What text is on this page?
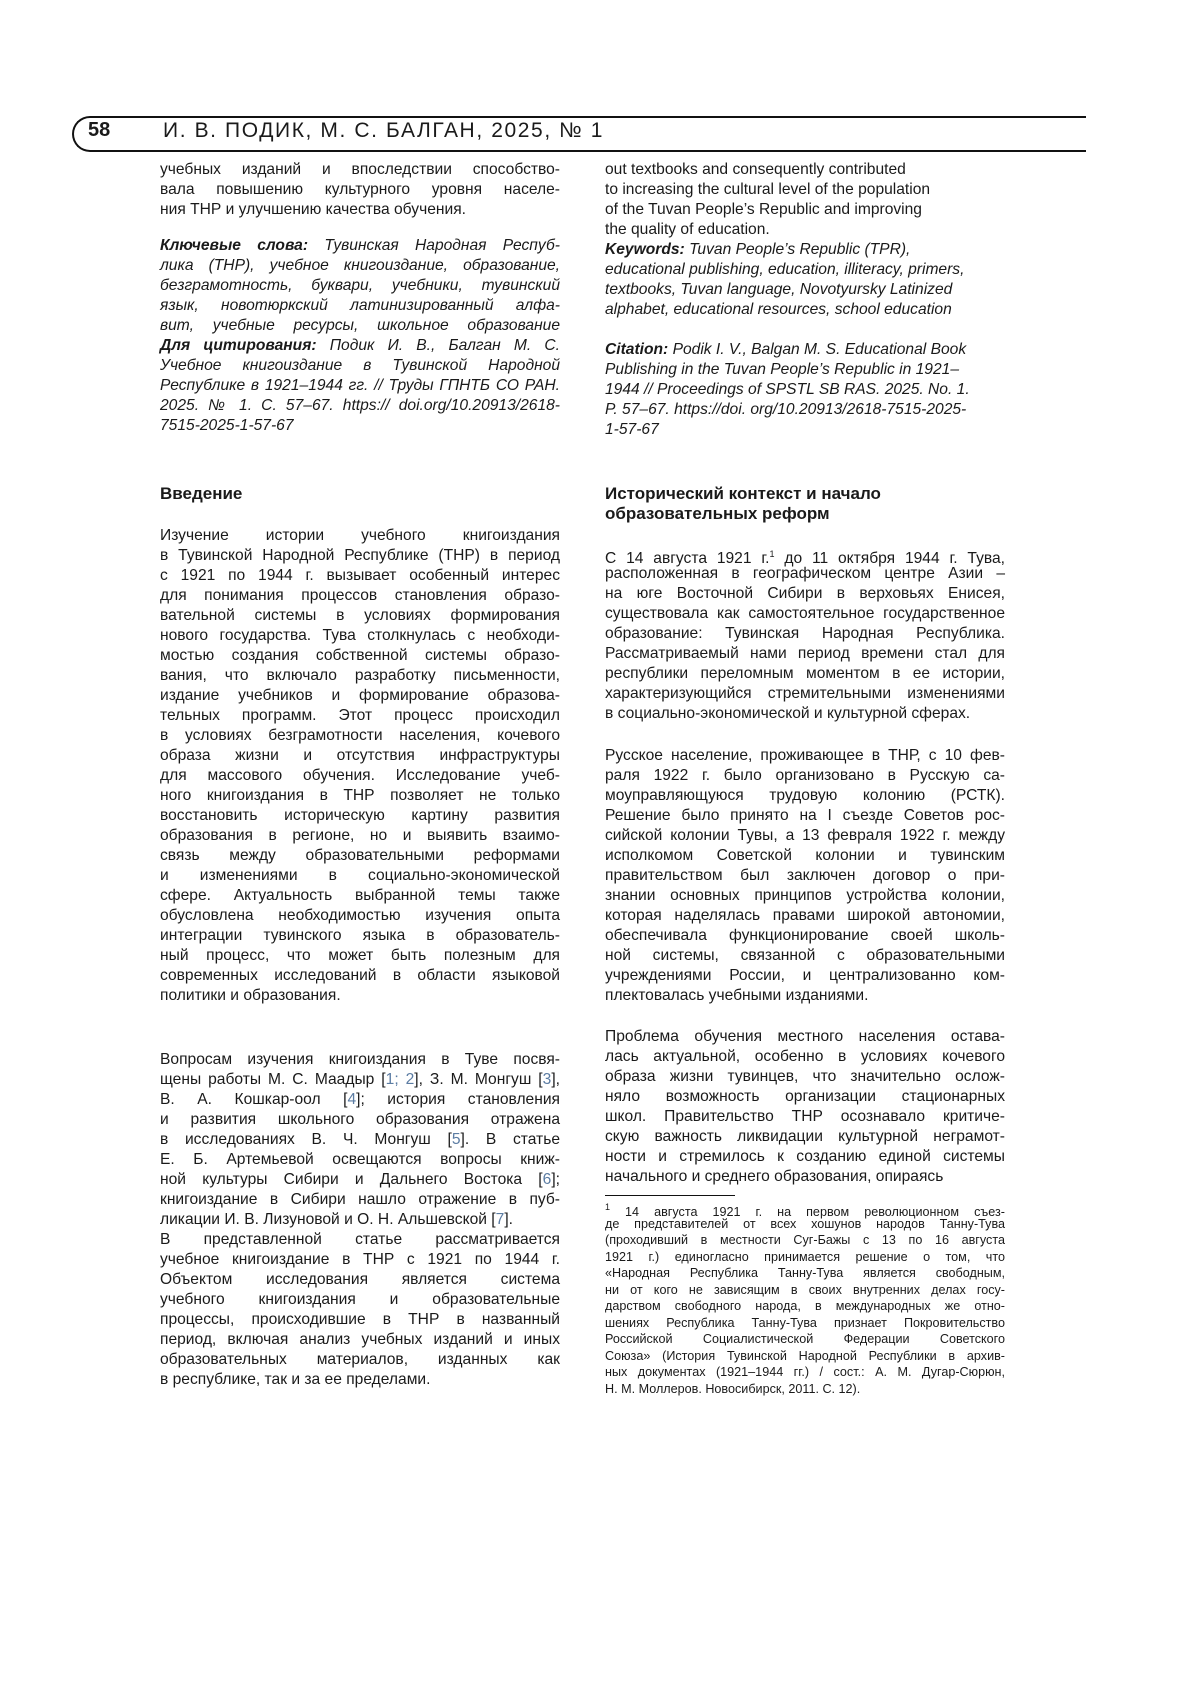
58	И. В. ПОДИК, М. С. БАЛГАН, 2025, № 1
учебных изданий и впоследствии способство-
вала повышению культурного уровня населе-
ния ТНР и улучшению качества обучения.
Ключевые слова: Тувинская Народная Респуб-
лика (ТНР), учебное книгоиздание, образование,
безграмотность, буквари, учебники, тувинский
язык, новотюркский латинизированный алфа-
вит, учебные ресурсы, школьное образование
Для цитирования: Подик И. В., Балган М. С.
Учебное книгоиздание в Тувинской Народной
Республике в 1921–1944 гг. // Труды ГПНТБ СО РАН.
2025. № 1. С. 57–67. https:// doi.org/10.20913/2618-
7515-2025-1-57-67
out textbooks and consequently contributed
to increasing the cultural level of the population
of the Tuvan People’s Republic and improving
the quality of education.
Keywords: Tuvan People’s Republic (TPR),
educational publishing, education, illiteracy, primers,
textbooks, Tuvan language, Novotyursky Latinized
alphabet, educational resources, school education
Citation: Podik I. V., Balgan M. S. Educational Book
Publishing in the Tuvan People’s Republic in 1921–
1944 // Proceedings of SPSTL SB RAS. 2025. No. 1.
P. 57–67. https://doi. org/10.20913/2618-7515-2025-
1-57-67
Введение
Изучение истории учебного книгоиздания
в Тувинской Народной Республике (ТНР) в период
с 1921 по 1944 г. вызывает особенный интерес
для понимания процессов становления образо-
вательной системы в условиях формирования
нового государства. Тува столкнулась с необходи-
мостью создания собственной системы образо-
вания, что включало разработку письменности,
издание учебников и формирование образова-
тельных программ. Этот процесс происходил
в условиях безграмотности населения, кочевого
образа жизни и отсутствия инфраструктуры
для массового обучения. Исследование учеб-
ного книгоиздания в ТНР позволяет не только
восстановить историческую картину развития
образования в регионе, но и выявить взаимо-
связь между образовательными реформами
и изменениями в социально-экономической
сфере. Актуальность выбранной темы также
обусловлена необходимостью изучения опыта
интеграции тувинского языка в образователь-
ный процесс, что может быть полезным для
современных исследований в области языковой
политики и образования.
Вопросам изучения книгоиздания в Туве посвя-
щены работы М. С. Маадыр [1; 2], З. М. Монгуш [3],
В. А. Кошкар-оол [4]; история становления
и развития школьного образования отражена
в исследованиях В. Ч. Монгуш [5]. В статье
Е. Б. Артемьевой освещаются вопросы книж-
ной культуры Сибири и Дальнего Востока [6];
книгоиздание в Сибири нашло отражение в пуб-
ликации И. В. Лизуновой и О. Н. Альшевской [7].
В представленной статье рассматривается
учебное книгоиздание в ТНР с 1921 по 1944 г.
Объектом исследования является система
учебного книгоиздания и образовательные
процессы, происходившие в ТНР в названный
период, включая анализ учебных изданий и иных
образовательных материалов, изданных как
в республике, так и за ее пределами.
Исторический контекст и начало
образовательных реформ
С 14 августа 1921 г.1 до 11 октября 1944 г. Тува,
расположенная в географическом центре Азии –
на юге Восточной Сибири в верховьях Енисея,
существовала как самостоятельное государственное
образование: Тувинская Народная Республика.
Рассматриваемый нами период времени стал для
республики переломным моментом в ее истории,
характеризующийся стремительными изменениями
в социально-экономической и культурной сферах.
Русское население, проживающее в ТНР, с 10 фев-
раля 1922 г. было организовано в Русскую са-
моуправляющуюся трудовую колонию (РСТК).
Решение было принято на I съезде Советов рос-
сийской колонии Тувы, а 13 февраля 1922 г. между
исполкомом Советской колонии и тувинским
правительством был заключен договор о при-
знании основных принципов устройства колонии,
которая наделялась правами широкой автономии,
обеспечивала функционирование своей школь-
ной системы, связанной с образовательными
учреждениями России, и централизованно ком-
плектовалась учебными изданиями.
Проблема обучения местного населения остава-
лась актуальной, особенно в условиях кочевого
образа жизни тувинцев, что значительно ослож-
няло возможность организации стационарных
школ. Правительство ТНР осознавало критиче-
скую важность ликвидации культурной неграмот-
ности и стремилось к созданию единой системы
начального и среднего образования, опираясь
1 14 августа 1921 г. на первом революционном съез-
де представителей от всех хошунов народов Танну-Тува
(проходивший в местности Суг-Бажы с 13 по 16 августа
1921 г.) единогласно принимается решение о том, что
«Народная Республика Танну-Тува является свободным,
ни от кого не зависящим в своих внутренних делах госу-
дарством свободного народа, в международных же отно-
шениях Республика Танну-Тува признает Покровительство
Российской Социалистической Федерации Советского
Союза» (История Тувинской Народной Республики в архив-
ных документах (1921–1944 гг.) / сост.: А. М. Дугар-Сюрюн,
Н. М. Моллеров. Новосибирск, 2011. С. 12).
